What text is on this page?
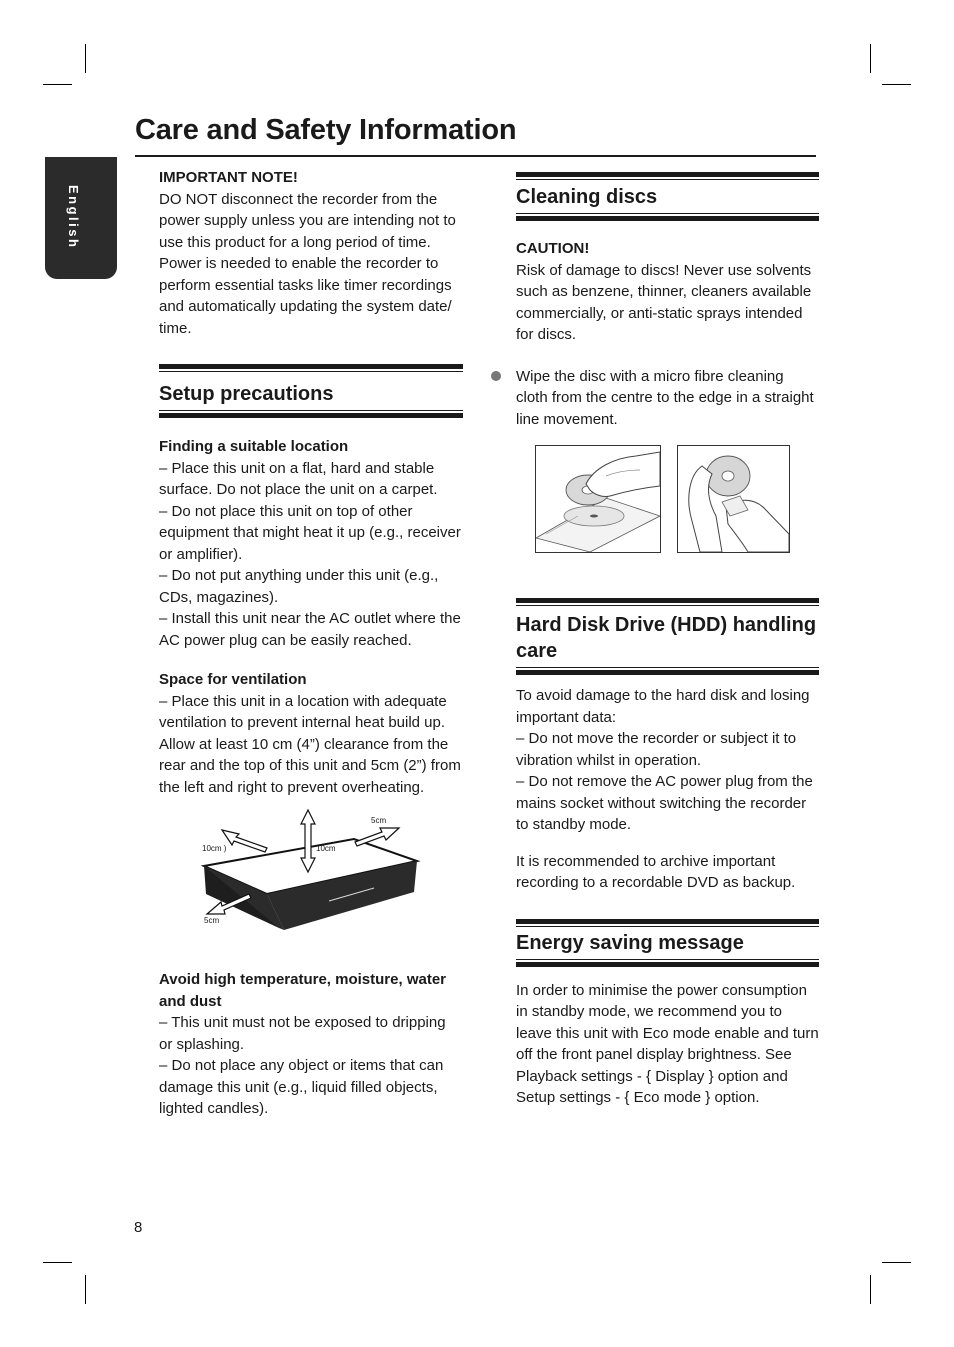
Care and Safety Information
English

IMPORTANT NOTE!

DO NOT disconnect the recorder from the power supply unless you are intending not to use this product for a long period of time. Power is needed to enable the recorder to perform essential tasks like timer recordings and automatically updating the system date/ time.

Setup precautions

Finding a suitable location

– Place this unit on a flat, hard and stable surface. Do not place the unit on a carpet.

– Do not place this unit on top of other equipment that might heat it up (e.g., receiver or amplifier).

– Do not put anything under this unit (e.g., CDs, magazines).

– Install this unit near the AC outlet where the AC power plug can be easily reached.

Space for ventilation

– Place this unit in a location with adequate ventilation to prevent internal heat build up. Allow at least 10 cm (4”) clearance from the rear and the top of this unit and 5cm (2”) from the left and right to prevent overheating.

5cm
10cm )	10cm
5cm

Avoid high temperature, moisture, water and dust

– This unit must not be exposed to dripping or splashing.

– Do not place any object or items that can damage this unit (e.g., liquid filled objects, lighted candles).

Cleaning discs

CAUTION!

Risk of damage to discs! Never use solvents such as benzene, thinner, cleaners available commercially, or anti-static sprays intended for discs.

Wipe the disc with a micro fibre cleaning cloth from the centre to the edge in a straight line movement.

Hard Disk Drive (HDD) handling care

To avoid damage to the hard disk and losing important data:

– Do not move the recorder or subject it to vibration whilst in operation.

– Do not remove the AC power plug from the mains socket without switching the recorder to standby mode.

It is recommended to archive important recording to a recordable DVD as backup.

Energy saving message

In order to minimise the power consumption in standby mode, we recommend you to leave this unit with Eco mode enable and turn off the front panel display brightness. See Playback settings - { Display } option and Setup settings - { Eco mode } option.

8
